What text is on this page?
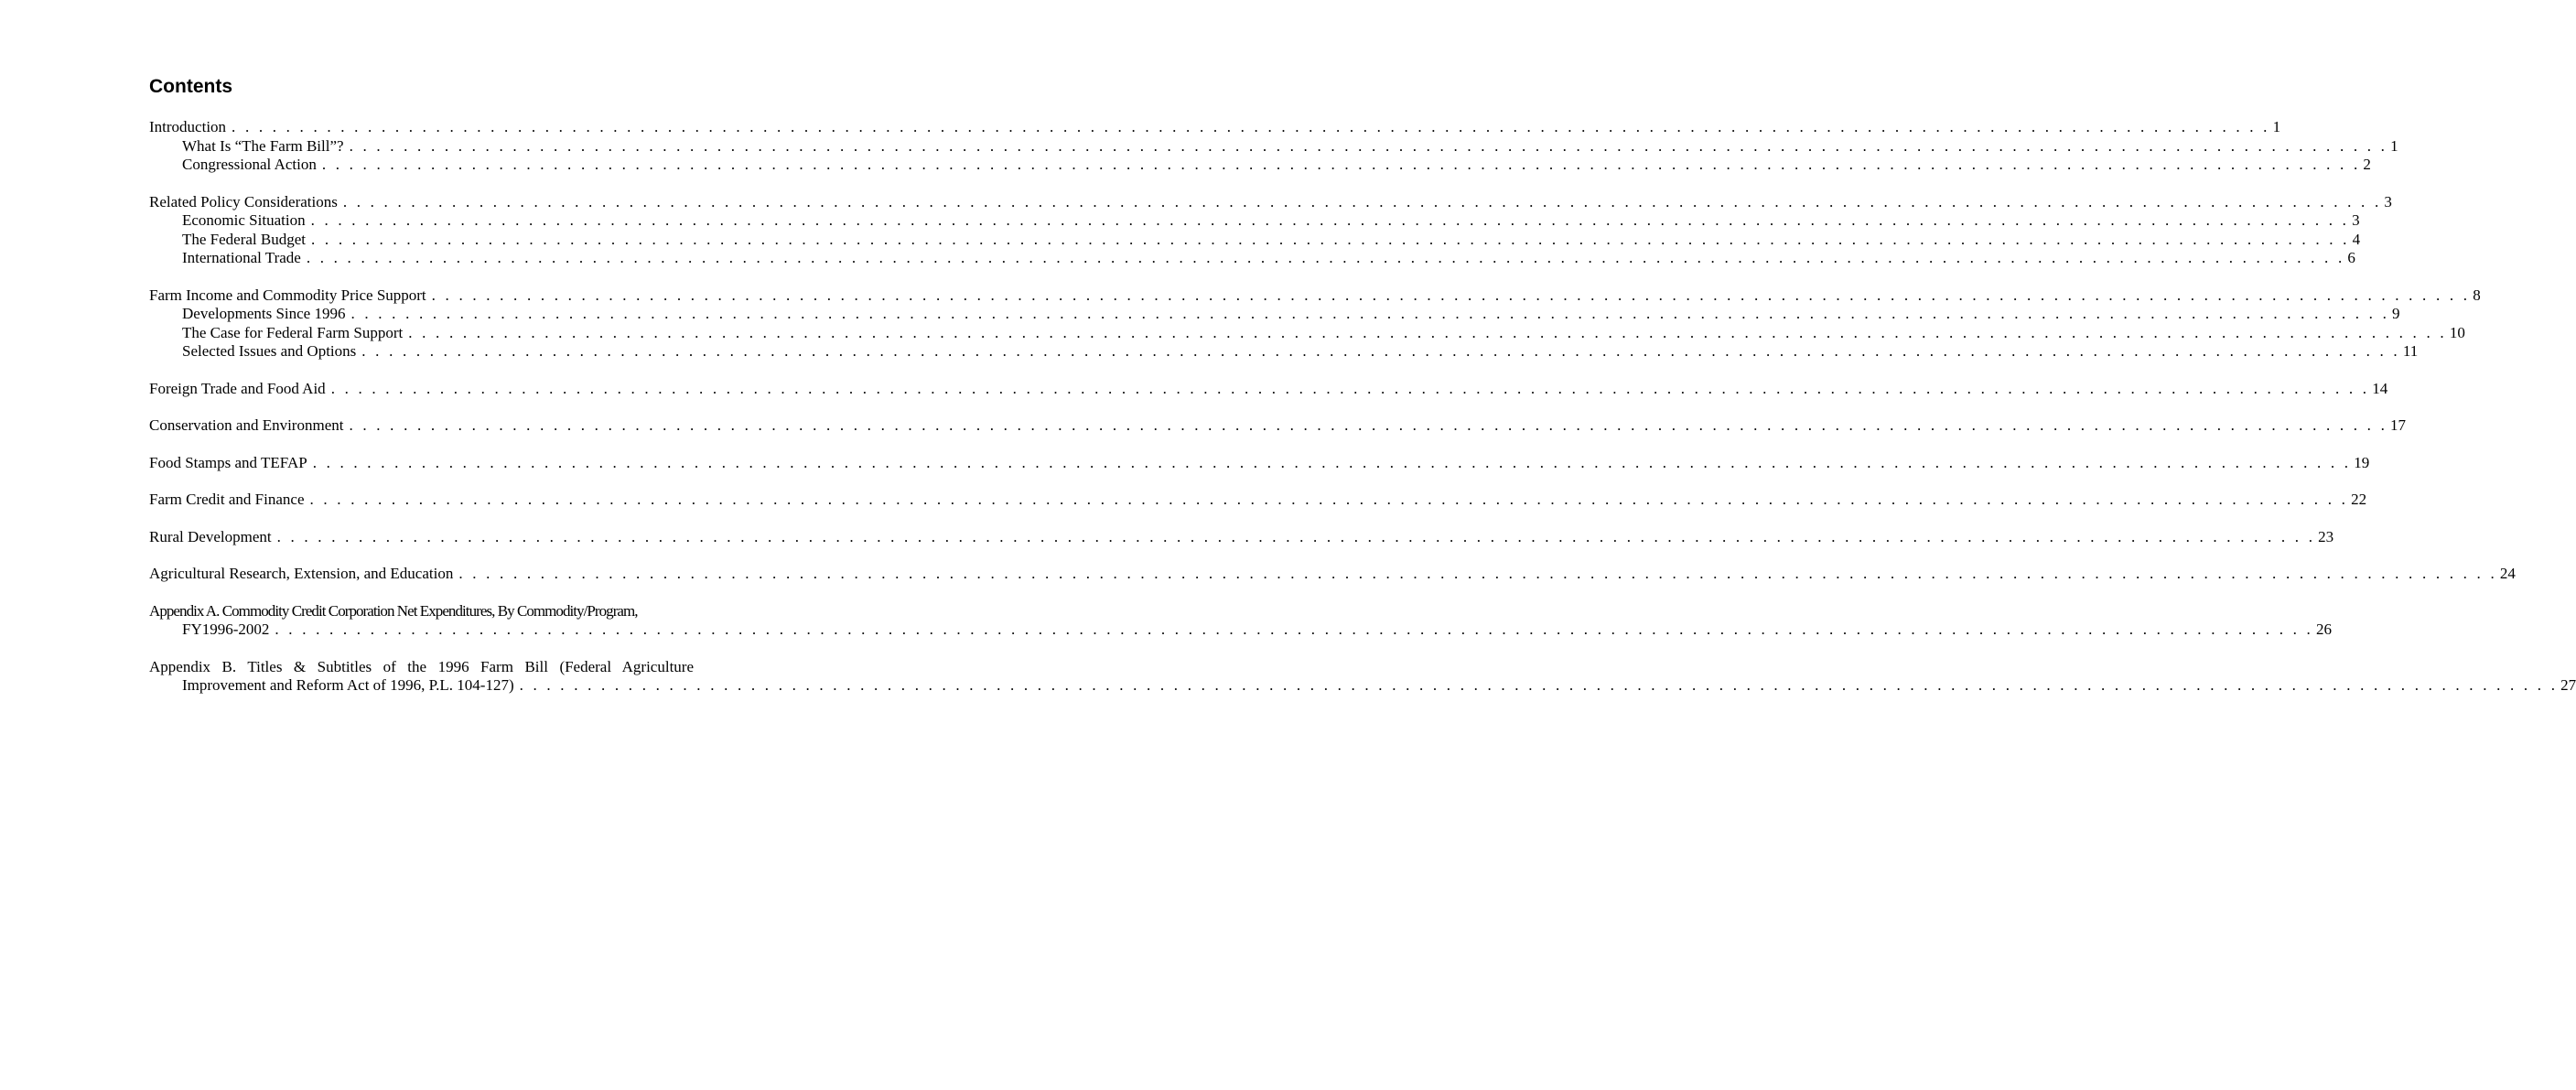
Contents
Introduction . . . . . . . . . . . . . . . . . . . . . . . . . . . . . . . . . . . . . . . . . . . . . . . . . . . . . . . . . . . . . . . . . . . . . . . . . . . . . . . . . . . . . . . . . . . . . . . . . . . . . . . . . . . . . . . . . . . . . . . . . . . . . . . . . . . . . . . . . . . . . . . . . . . . . . 1
What Is “The Farm Bill”? . . . . . . . . . . . . . . . . . . . . . . . . . . . . . . . . . . . . . . . . . . . . . . . . . . . . . . . . . . . . . . . . . . . . . . . . . . . . . . . . . . . . . . . . . . . . . . . . . . . . . . . . . . . . . . . . . . . . . . . . . . . . . . . . . . . . . . . . . . . . . . . . . . . . . . 1
Congressional Action . . . . . . . . . . . . . . . . . . . . . . . . . . . . . . . . . . . . . . . . . . . . . . . . . . . . . . . . . . . . . . . . . . . . . . . . . . . . . . . . . . . . . . . . . . . . . . . . . . . . . . . . . . . . . . . . . . . . . . . . . . . . . . . . . . . . . . . . . . . . . . . . . . . . . . 2
Related Policy Considerations . . . . . . . . . . . . . . . . . . . . . . . . . . . . . . . . . . . . . . . . . . . . . . . . . . . . . . . . . . . . . . . . . . . . . . . . . . . . . . . . . . . . . . . . . . . . . . . . . . . . . . . . . . . . . . . . . . . . . . . . . . . . . . . . . . . . . . . . . . . . . . . . . . . . . . 3
Economic Situation . . . . . . . . . . . . . . . . . . . . . . . . . . . . . . . . . . . . . . . . . . . . . . . . . . . . . . . . . . . . . . . . . . . . . . . . . . . . . . . . . . . . . . . . . . . . . . . . . . . . . . . . . . . . . . . . . . . . . . . . . . . . . . . . . . . . . . . . . . . . . . . . . . . . . . 3
The Federal Budget . . . . . . . . . . . . . . . . . . . . . . . . . . . . . . . . . . . . . . . . . . . . . . . . . . . . . . . . . . . . . . . . . . . . . . . . . . . . . . . . . . . . . . . . . . . . . . . . . . . . . . . . . . . . . . . . . . . . . . . . . . . . . . . . . . . . . . . . . . . . . . . . . . . . . . 4
International Trade . . . . . . . . . . . . . . . . . . . . . . . . . . . . . . . . . . . . . . . . . . . . . . . . . . . . . . . . . . . . . . . . . . . . . . . . . . . . . . . . . . . . . . . . . . . . . . . . . . . . . . . . . . . . . . . . . . . . . . . . . . . . . . . . . . . . . . . . . . . . . . . . . . . . . . 6
Farm Income and Commodity Price Support . . . . . . . . . . . . . . . . . . . . . . . . . . . . . . . . . . . . . . . . . . . . . . . . . . . . . . . . . . . . . . . . . . . . . . . . . . . . . . . . . . . . . . . . . . . . . . . . . . . . . . . . . . . . . . . . . . . . . . . . . . . . . . . . . . . . . . . . . . . . . . . . . . . . . . 8
Developments Since 1996 . . . . . . . . . . . . . . . . . . . . . . . . . . . . . . . . . . . . . . . . . . . . . . . . . . . . . . . . . . . . . . . . . . . . . . . . . . . . . . . . . . . . . . . . . . . . . . . . . . . . . . . . . . . . . . . . . . . . . . . . . . . . . . . . . . . . . . . . . . . . . . . . . . . . . . 9
The Case for Federal Farm Support . . . . . . . . . . . . . . . . . . . . . . . . . . . . . . . . . . . . . . . . . . . . . . . . . . . . . . . . . . . . . . . . . . . . . . . . . . . . . . . . . . . . . . . . . . . . . . . . . . . . . . . . . . . . . . . . . . . . . . . . . . . . . . . . . . . . . . . . . . . . . . . . . . . . . . 10
Selected Issues and Options . . . . . . . . . . . . . . . . . . . . . . . . . . . . . . . . . . . . . . . . . . . . . . . . . . . . . . . . . . . . . . . . . . . . . . . . . . . . . . . . . . . . . . . . . . . . . . . . . . . . . . . . . . . . . . . . . . . . . . . . . . . . . . . . . . . . . . . . . . . . . . . . . . . . . . 11
Foreign Trade and Food Aid . . . . . . . . . . . . . . . . . . . . . . . . . . . . . . . . . . . . . . . . . . . . . . . . . . . . . . . . . . . . . . . . . . . . . . . . . . . . . . . . . . . . . . . . . . . . . . . . . . . . . . . . . . . . . . . . . . . . . . . . . . . . . . . . . . . . . . . . . . . . . . . . . . . . . . 14
Conservation and Environment . . . . . . . . . . . . . . . . . . . . . . . . . . . . . . . . . . . . . . . . . . . . . . . . . . . . . . . . . . . . . . . . . . . . . . . . . . . . . . . . . . . . . . . . . . . . . . . . . . . . . . . . . . . . . . . . . . . . . . . . . . . . . . . . . . . . . . . . . . . . . . . . . . . . . . 17
Food Stamps and TEFAP . . . . . . . . . . . . . . . . . . . . . . . . . . . . . . . . . . . . . . . . . . . . . . . . . . . . . . . . . . . . . . . . . . . . . . . . . . . . . . . . . . . . . . . . . . . . . . . . . . . . . . . . . . . . . . . . . . . . . . . . . . . . . . . . . . . . . . . . . . . . . . . . . . . . . . 19
Farm Credit and Finance . . . . . . . . . . . . . . . . . . . . . . . . . . . . . . . . . . . . . . . . . . . . . . . . . . . . . . . . . . . . . . . . . . . . . . . . . . . . . . . . . . . . . . . . . . . . . . . . . . . . . . . . . . . . . . . . . . . . . . . . . . . . . . . . . . . . . . . . . . . . . . . . . . . . . . 22
Rural Development . . . . . . . . . . . . . . . . . . . . . . . . . . . . . . . . . . . . . . . . . . . . . . . . . . . . . . . . . . . . . . . . . . . . . . . . . . . . . . . . . . . . . . . . . . . . . . . . . . . . . . . . . . . . . . . . . . . . . . . . . . . . . . . . . . . . . . . . . . . . . . . . . . . . . . 23
Agricultural Research, Extension, and Education . . . . . . . . . . . . . . . . . . . . . . . . . . . . . . . . . . . . . . . . . . . . . . . . . . . . . . . . . . . . . . . . . . . . . . . . . . . . . . . . . . . . . . . . . . . . . . . . . . . . . . . . . . . . . . . . . . . . . . . . . . . . . . . . . . . . . . . . . . . . . . . . . . . . . . 24
Appendix A. Commodity Credit Corporation Net Expenditures, By Commodity/Program,
FY1996-2002 . . . . . . . . . . . . . . . . . . . . . . . . . . . . . . . . . . . . . . . . . . . . . . . . . . . . . . . . . . . . . . . . . . . . . . . . . . . . . . . . . . . . . . . . . . . . . . . . . . . . . . . . . . . . . . . . . . . . . . . . . . . . . . . . . . . . . . . . . . . . . . . . . . . . . . 26
Appendix B. Titles & Subtitles of the 1996 Farm Bill (Federal Agriculture
Improvement and Reform Act of 1996, P.L. 104-127) . . . . . . . . . . . . . . . . . . . . . . . . . . . . . . . . . . . . . . . . . . . . . . . . . . . . . . . . . . . . . . . . . . . . . . . . . . . . . . . . . . . . . . . . . . . . . . . . . . . . . . . . . . . . . . . . . . . . . . . . . . . . . . . . . . . . . . . . . . . . . . . . . . . . . . 27
